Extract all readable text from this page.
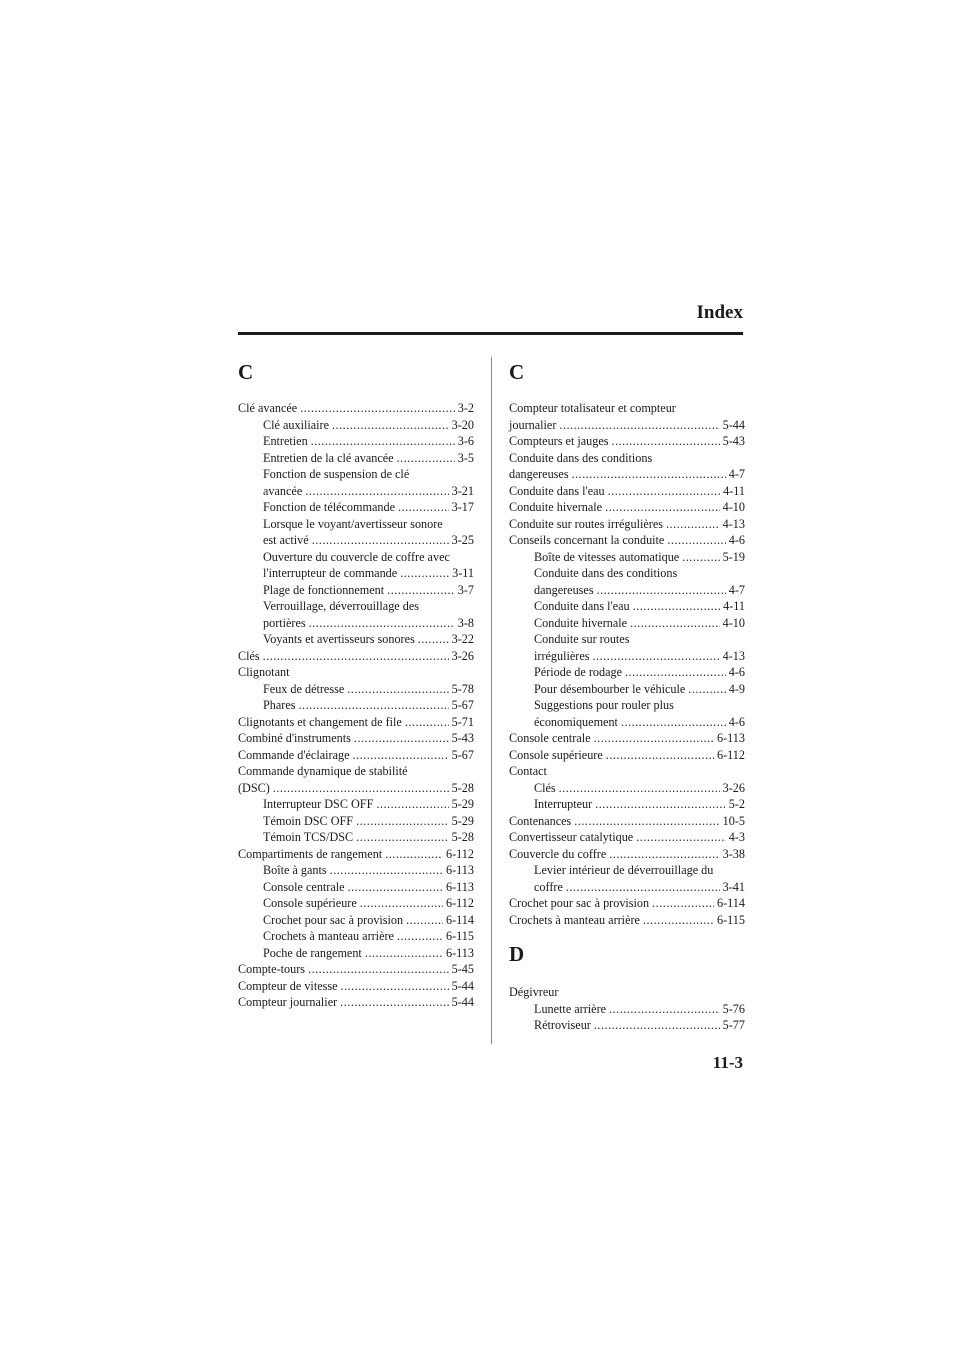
Index
C
Clé avancée .....	3-2
Clé auxiliaire .....	3-20
Entretien .....	3-6
Entretien de la clé avancée .....	3-5
Fonction de suspension de clé
avancée .....	3-21
Fonction de télécommande .....	3-17
Lorsque le voyant/avertisseur sonore
est activé .....	3-25
Ouverture du couvercle de coffre avec
l'interrupteur de commande .....	3-11
Plage de fonctionnement .....	3-7
Verrouillage, déverrouillage des
portières .....	3-8
Voyants et avertisseurs sonores .....	3-22
Clés .....	3-26
Clignotant
Feux de détresse .....	5-78
Phares .....	5-67
Clignotants et changement de file .....	5-71
Combiné d'instruments .....	5-43
Commande d'éclairage .....	5-67
Commande dynamique de stabilité
(DSC) .....	5-28
Interrupteur DSC OFF .....	5-29
Témoin DSC OFF .....	5-29
Témoin TCS/DSC .....	5-28
Compartiments de rangement .....	6-112
Boîte à gants .....	6-113
Console centrale .....	6-113
Console supérieure .....	6-112
Crochet pour sac à provision .....	6-114
Crochets à manteau arrière .....	6-115
Poche de rangement .....	6-113
Compte-tours .....	5-45
Compteur de vitesse .....	5-44
Compteur journalier .....	5-44
C
Compteur totalisateur et compteur
journalier .....	5-44
Compteurs et jauges .....	5-43
Conduite dans des conditions
dangereuses .....	4-7
Conduite dans l'eau .....	4-11
Conduite hivernale .....	4-10
Conduite sur routes irrégulières .....	4-13
Conseils concernant la conduite .....	4-6
Boîte de vitesses automatique .....	5-19
Conduite dans des conditions
dangereuses .....	4-7
Conduite dans l'eau .....	4-11
Conduite hivernale .....	4-10
Conduite sur routes
irrégulières .....	4-13
Période de rodage .....	4-6
Pour désembourber le véhicule .....	4-9
Suggestions pour rouler plus
économiquement .....	4-6
Console centrale .....	6-113
Console supérieure .....	6-112
Contact
Clés .....	3-26
Interrupteur .....	5-2
Contenances .....	10-5
Convertisseur catalytique .....	4-3
Couvercle du coffre .....	3-38
Levier intérieur de déverrouillage du
coffre .....	3-41
Crochet pour sac à provision .....	6-114
Crochets à manteau arrière .....	6-115
D
Dégivreur
Lunette arrière .....	5-76
Rétroviseur .....	5-77
11-3
